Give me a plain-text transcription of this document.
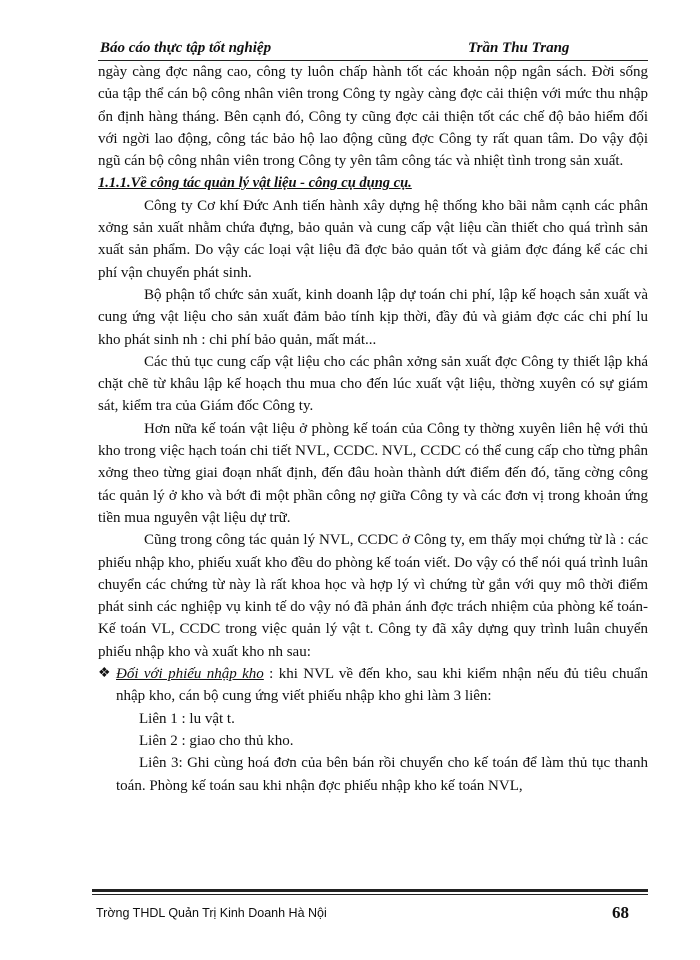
Báo cáo thực tập tốt nghiệp	Trần Thu Trang

ngày càng đợc nâng cao, công ty luôn chấp hành tốt các khoản nộp ngân sách. Đời sống của tập thể cán bộ công nhân viên trong Công ty ngày càng đợc cải thiện với mức thu nhập ổn định hàng tháng. Bên cạnh đó, Công ty cũng đợc cải thiện tốt các chế độ bảo hiểm đối với ngời lao động, công tác bảo hộ lao động cũng đợc Công ty rất quan tâm. Do vậy đội ngũ cán bộ công nhân viên trong Công ty yên tâm công tác và nhiệt tình trong sản xuất.

1.1.1.Về công tác quản lý vật liệu - công cụ dụng cụ.

Công ty Cơ khí Đức Anh tiến hành xây dựng hệ thống kho bãi nằm cạnh các phân xởng sản xuất nhằm chứa đựng, bảo quản và cung cấp vật liệu cần thiết cho quá trình sản xuất sản phẩm. Do vậy các loại vật liệu đã đợc bảo quản tốt và giảm đợc đáng kể các chi phí vận chuyển phát sinh.

Bộ phận tổ chức sản xuất, kinh doanh lập dự toán chi phí, lập kế hoạch sản xuất và cung ứng vật liệu cho sản xuất đảm bảo tính kịp thời, đầy đủ và giảm đợc các chi phí lu kho phát sinh nh : chi phí bảo quản, mất mát...

Các thủ tục cung cấp vật liệu cho các phân xởng sản xuất đợc Công ty thiết lập khá chặt chẽ từ khâu lập kế hoạch thu mua cho đến lúc xuất vật liệu, thờng xuyên có sự giám sát, kiểm tra của Giám đốc Công ty.

Hơn nữa kế toán vật liệu ở phòng kế toán của Công ty thờng xuyên liên hệ với thủ kho trong việc hạch toán chi tiết NVL, CCDC. NVL, CCDC có thể cung cấp cho từng phân xởng theo từng giai đoạn nhất định, đến đâu hoàn thành dứt điểm đến đó, tăng cờng công tác quản lý ở kho và bớt đi một phần công nợ giữa Công ty và các đơn vị trong khoản ứng tiền mua nguyên vật liệu dự trữ.

Cũng trong công tác quản lý NVL, CCDC ở Công ty, em thấy mọi chứng từ là : các phiếu nhập kho, phiếu xuất kho đều do phòng kế toán viết. Do vậy có thể nói quá trình luân chuyển các chứng từ này là rất khoa học và hợp lý vì chứng từ gắn với quy mô thời điểm phát sinh các nghiệp vụ kinh tế do vậy nó đã phản ánh đợc trách nhiệm của phòng kế toán-Kế toán VL, CCDC trong việc quản lý vật t. Công ty đã xây dựng quy trình luân chuyển phiếu nhập kho và xuất kho nh sau:

❖ Đối với phiếu nhập kho : khi NVL về đến kho, sau khi kiểm nhận nếu đủ tiêu chuẩn nhập kho, cán bộ cung ứng viết phiếu nhập kho ghi làm 3 liên:

Liên 1 : lu vật t.

Liên 2 : giao cho thủ kho.

Liên 3: Ghi cùng hoá đơn của bên bán rồi chuyển cho kế toán để làm thủ tục thanh toán. Phòng kế toán sau khi nhận đợc phiếu nhập kho kế toán NVL,

Trờng THDL Quản Trị Kinh Doanh Hà Nội	68
